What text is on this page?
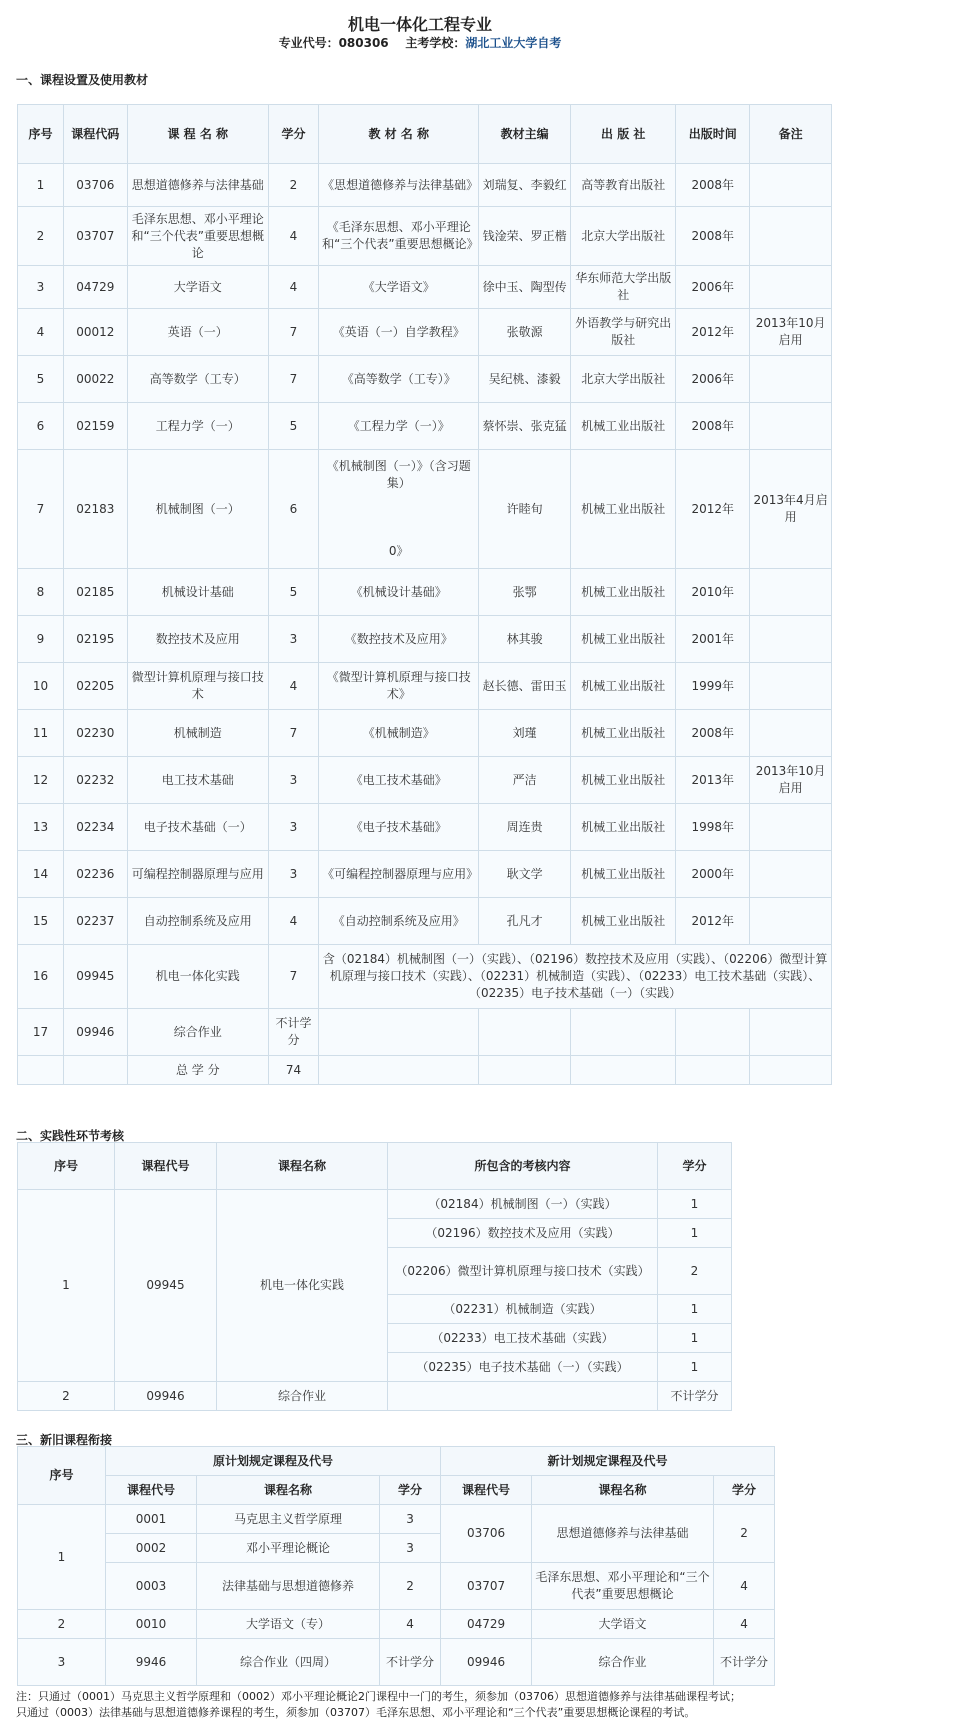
机电一体化工程专业
专业代号：080306 主考学校：湖北工业大学自考
一、课程设置及使用教材
序号	课程代码	课 程 名 称	学分	教 材 名 称	教材主编	出 版 社	出版时间	备注
1	03706	思想道德修养与法律基础	2	《思想道德修养与法律基础》	刘瑞复、李毅红	高等教育出版社	2008年	
2	03707	毛泽东思想、邓小平理论和“三个代表”重要思想概论	4	《毛泽东思想、邓小平理论和“三个代表”重要思想概论》	钱淦荣、罗正楷	北京大学出版社	2008年	
3	04729	大学语文	4	《大学语文》	徐中玉、陶型传	华东师范大学出版社	2006年	
4	00012	英语（一）	7	《英语（一）自学教程》	张敬源	外语教学与研究出版社	2012年	2013年10月启用
5	00022	高等数学（工专）	7	《高等数学（工专）》	吴纪桃、漆毅	北京大学出版社	2006年	
6	02159	工程力学（一）	5	《工程力学（一）》	蔡怀崇、张克猛	机械工业出版社	2008年	
7	02183	机械制图（一）	6	《机械制图（一）》（含习题集）
0》	许睦旬	机械工业出版社	2012年	2013年4月启用
8	02185	机械设计基础	5	《机械设计基础》	张鄂	机械工业出版社	2010年	
9	02195	数控技术及应用	3	《数控技术及应用》	林其骏	机械工业出版社	2001年	
10	02205	微型计算机原理与接口技术	4	《微型计算机原理与接口技术》	赵长德、雷田玉	机械工业出版社	1999年	
11	02230	机械制造	7	《机械制造》	刘瑾	机械工业出版社	2008年	
12	02232	电工技术基础	3	《电工技术基础》	严洁	机械工业出版社	2013年	2013年10月启用
13	02234	电子技术基础（一）	3	《电子技术基础》	周连贵	机械工业出版社	1998年	
14	02236	可编程控制器原理与应用	3	《可编程控制器原理与应用》	耿文学	机械工业出版社	2000年	
15	02237	自动控制系统及应用	4	《自动控制系统及应用》	孔凡才	机械工业出版社	2012年	
16	09945	机电一体化实践	7	含（02184）机械制图（一）（实践）、（02196）数控技术及应用（实践）、（02206）微型计算机原理与接口技术（实践）、（02231）机械制造（实践）、（02233）电工技术基础（实践）、（02235）电子技术基础（一）（实践）				
17	09946	综合作业	不计学分					
		总 学 分	74					
二、实践性环节考核
序号	课程代号	课程名称	所包含的考核内容	学分
1	09945	机电一体化实践	（02184）机械制图（一）（实践）	1
			（02196）数控技术及应用（实践）	1
			（02206）微型计算机原理与接口技术（实践）	2
			（02231）机械制造（实践）	1
			（02233）电工技术基础（实践）	1
			（02235）电子技术基础（一）（实践）	1
2	09946	综合作业		不计学分
三、新旧课程衔接
序号	原计划规定课程及代号			新计划规定课程及代号		
	课程代号	课程名称	学分	课程代号	课程名称	学分
1	0001	马克思主义哲学原理	3	03706	思想道德修养与法律基础	2
	0002	邓小平理论概论	3			
	0003	法律基础与思想道德修养	2	03707	毛泽东思想、邓小平理论和“三个代表”重要思想概论	4
2	0010	大学语文（专）	4	04729	大学语文	4
3	9946	综合作业（四周）	不计学分	09946	综合作业	不计学分

注：只通过（0001）马克思主义哲学原理和（0002）邓小平理论概论2门课程中一门的考生，须参加（03706）思想道德修养与法律基础课程考试；

只通过（0003）法律基础与思想道德修养课程的考生，须参加（03707）毛泽东思想、邓小平理论和“三个代表”重要思想概论课程的考试。
